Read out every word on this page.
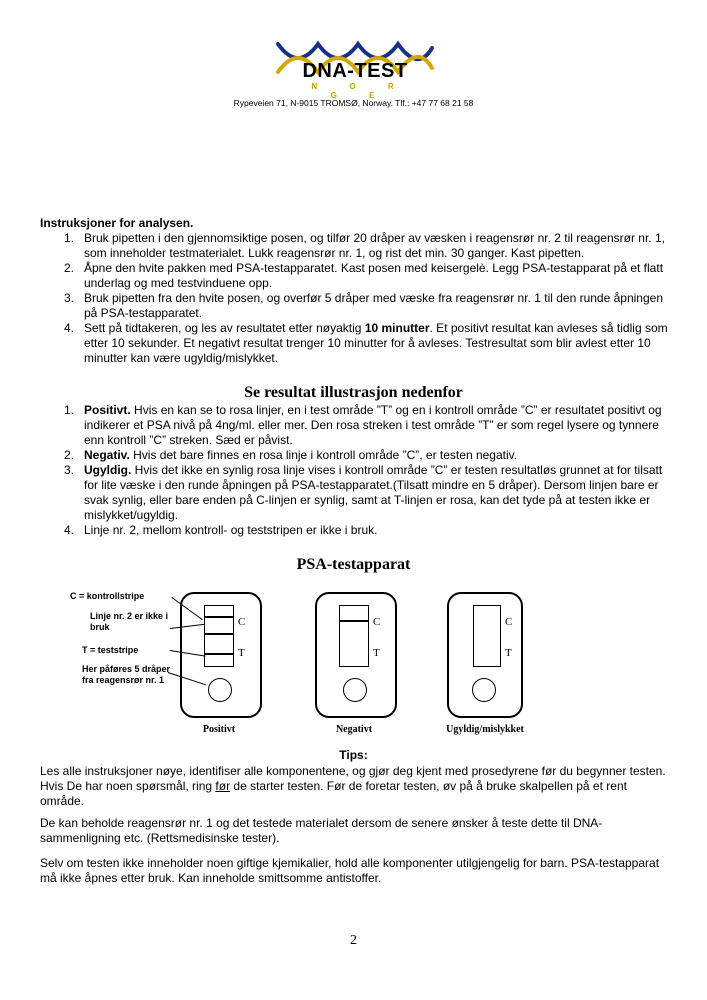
DNA-TEST
N O R G E
Rypeveien 71, N-9015 TROMSØ, Norway. Tlf.: +47 77 68 21 58
Instruksjoner for analysen.
1. Bruk pipetten i den gjennomsiktige posen, og tilfør 20 dråper av væsken i reagensrør nr. 2 til reagensrør nr. 1, som inneholder testmaterialet. Lukk reagensrør nr. 1, og rist det min. 30 ganger. Kast pipetten.
2. Åpne den hvite pakken med PSA-testapparatet. Kast posen med keisergelè. Legg PSA-testapparat på et flatt underlag og med testvinduene opp.
3. Bruk pipetten fra den hvite posen, og overfør 5 dråper med væske fra reagensrør nr. 1 til den runde åpningen på PSA-testapparatet.
4. Sett på tidtakeren, og les av resultatet etter nøyaktig 10 minutter. Et positivt resultat kan avleses så tidlig som etter 10 sekunder. Et negativt resultat trenger 10 minutter for å avleses. Testresultat som blir avlest etter 10 minutter kan være ugyldig/mislykket.
Se resultat illustrasjon nedenfor
1. Positivt. Hvis en kan se to rosa linjer, en i test område ”T” og en i kontroll område ”C” er resultatet positivt og indikerer et PSA nivå på 4ng/ml. eller mer. Den rosa streken i test område ”T” er som regel lysere og tynnere enn kontroll ”C” streken. Sæd er påvist.
2. Negativ. Hvis det bare finnes en rosa linje i kontroll område ”C”, er testen negativ.
3. Ugyldig. Hvis det ikke en synlig rosa linje vises i kontroll område ”C” er testen resultatløs grunnet at for tilsatt for lite væske i den runde åpningen på PSA-testapparatet.(Tilsatt mindre en 5 dråper). Dersom linjen bare er svak synlig, eller bare enden på C-linjen er synlig, samt at T-linjen er rosa, kan det tyde på at testen ikke er mislykket/ugyldig.
4. Linje nr. 2, mellom kontroll- og teststripen er ikke i bruk.
PSA-testapparat
C = kontrollstripe
Linje nr. 2 er ikke i bruk
T = teststripe
Her påføres 5 dråper fra reagensrør nr. 1
C
T
C
T
C
T
Positivt	Negativt	Ugyldig/mislykket
Tips:
Les alle instruksjoner nøye, identifiser alle komponentene, og gjør deg kjent med prosedyrene før du begynner testen. Hvis De har noen spørsmål, ring før de starter testen. Før de foretar testen, øv på å bruke skalpellen på et rent område.
De kan beholde reagensrør nr. 1 og det testede materialet dersom de senere ønsker å teste dette til DNA-sammenligning etc. (Rettsmedisinske tester).
Selv om testen ikke inneholder noen giftige kjemikalier, hold alle komponenter utilgjengelig for barn. PSA-testapparat må ikke åpnes etter bruk. Kan inneholde smittsomme antistoffer.
2
